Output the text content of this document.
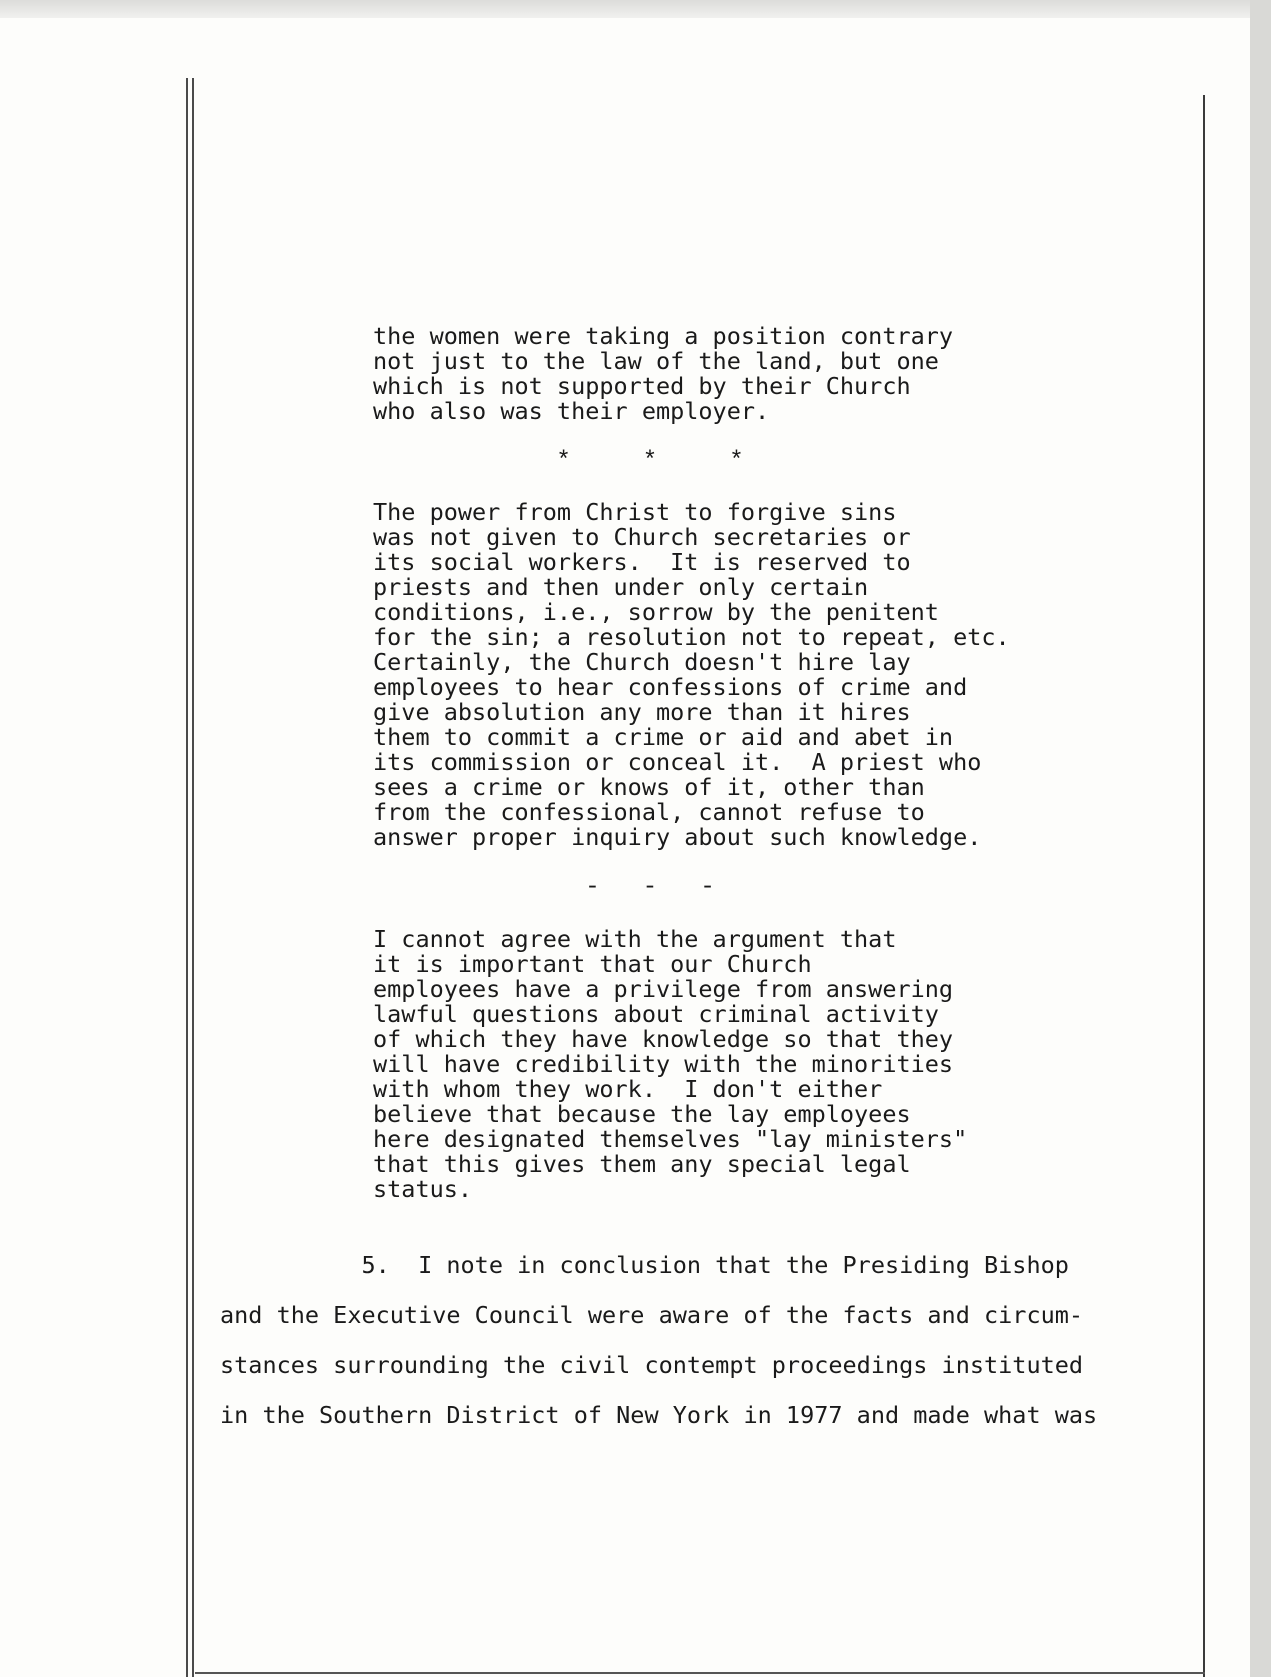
the women were taking a position contrary
not just to the law of the land, but one
which is not supported by their Church
who also was their employer.
*     *     *
The power from Christ to forgive sins
was not given to Church secretaries or
its social workers.  It is reserved to
priests and then under only certain
conditions, i.e., sorrow by the penitent
for the sin; a resolution not to repeat, etc.
Certainly, the Church doesn't hire lay
employees to hear confessions of crime and
give absolution any more than it hires
them to commit a crime or aid and abet in
its commission or conceal it.  A priest who
sees a crime or knows of it, other than
from the confessional, cannot refuse to
answer proper inquiry about such knowledge.
-   -   -
I cannot agree with the argument that
it is important that our Church
employees have a privilege from answering
lawful questions about criminal activity
of which they have knowledge so that they
will have credibility with the minorities
with whom they work.  I don't either
believe that because the lay employees
here designated themselves "lay ministers"
that this gives them any special legal
status.
5.  I note in conclusion that the Presiding Bishop
and the Executive Council were aware of the facts and circum-
stances surrounding the civil contempt proceedings instituted
in the Southern District of New York in 1977 and made what was
